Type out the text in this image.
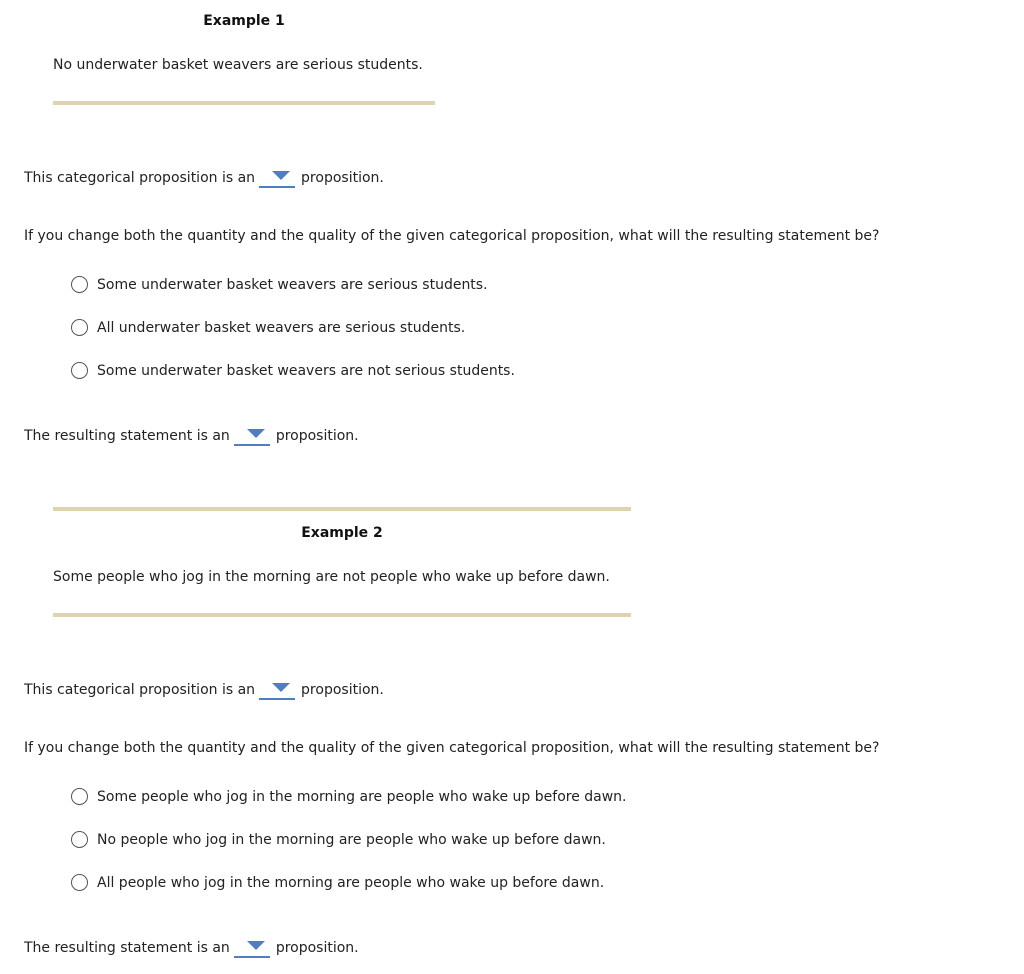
Example 1
No underwater basket weavers are serious students.
This categorical proposition is an	proposition.
If you change both the quantity and the quality of the given categorical proposition, what will the resulting statement be?
Some underwater basket weavers are serious students.
All underwater basket weavers are serious students.
Some underwater basket weavers are not serious students.
The resulting statement is an	proposition.
Example 2
Some people who jog in the morning are not people who wake up before dawn.
This categorical proposition is an	proposition.
If you change both the quantity and the quality of the given categorical proposition, what will the resulting statement be?
Some people who jog in the morning are people who wake up before dawn.
No people who jog in the morning are people who wake up before dawn.
All people who jog in the morning are people who wake up before dawn.
The resulting statement is an	proposition.
